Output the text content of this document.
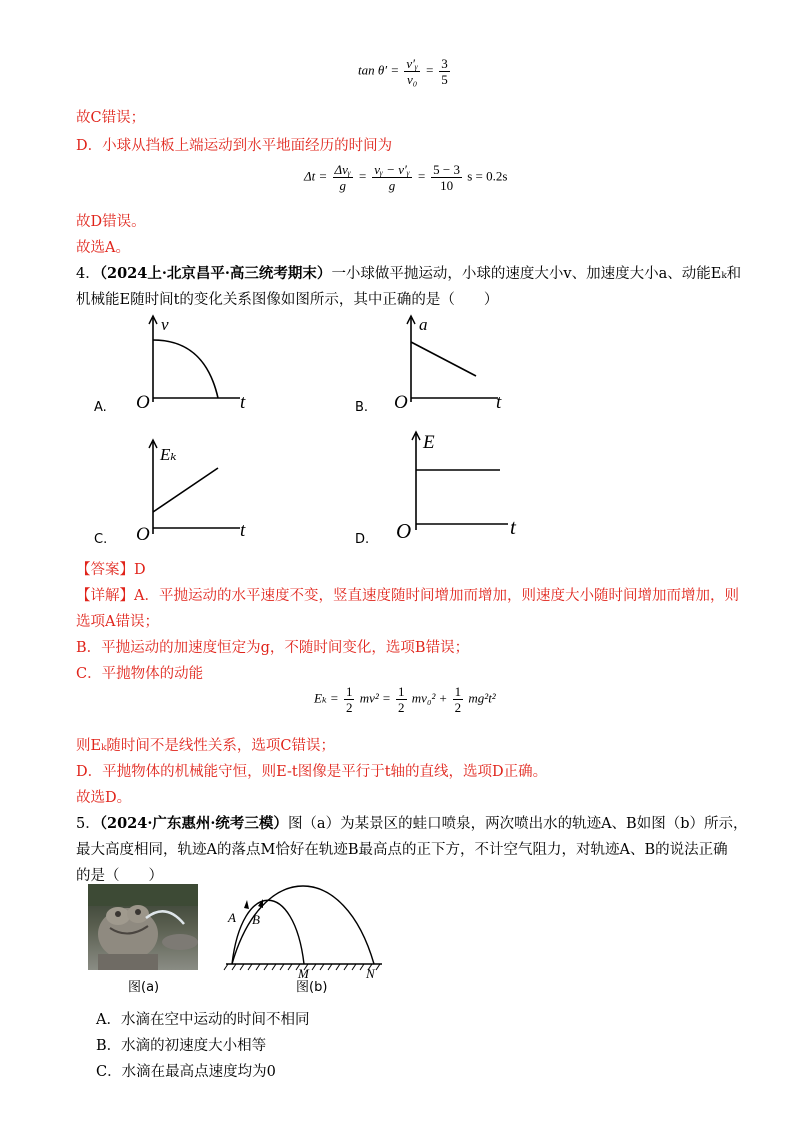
$\tan \theta' = \frac{\text{v′ᵧ}}{\text{v₀}} = \frac{3}{5}$
故C错误；
D．小球从挡板上端运动到水平地面经历的时间为
$\Delta t = \frac{\text{Δvᵧ}}{g} = \frac{\text{vᵧ − v′ᵧ}}{g} = \frac{5 - 3}{10}$ s = 0.2s
故D错误。
故选A。
4．（2024上·北京昌平·高三统考期末）一小球做平抛运动，小球的速度大小v、加速度大小a、动能Eₖ和
机械能E随时间t的变化关系图像如图所示，其中正确的是（　　）
A.
v
O	t	B.
a
O	t
C.
Eₖ
O	t	D.
E
O	t
【答案】D
【详解】A．平抛运动的水平速度不变，竖直速度随时间增加而增加，则速度大小随时间增加而增加，则
选项A错误；
B．平抛运动的加速度恒定为g，不随时间变化，选项B错误；
C．平抛物体的动能
$E_k = \frac{1}{2} mv^2 = \frac{1}{2} mv_0^2 + \frac{1}{2} mg^2t^2$
则Eₖ随时间不是线性关系，选项C错误；
D．平抛物体的机械能守恒，则E-t图像是平行于t轴的直线，选项D正确。
故选D。
5．（2024·广东惠州·统考三模）图（a）为某景区的蛙口喷泉，两次喷出水的轨迹A、B如图（b）所示，
最大高度相同，轨迹A的落点M恰好在轨迹B最高点的正下方，不计空气阻力，对轨迹A、B的说法正确
的是（　　）
图(a)
A B
M	N
图(b)
A．水滴在空中运动的时间不相同
B．水滴的初速度大小相等
C．水滴在最高点速度均为0
